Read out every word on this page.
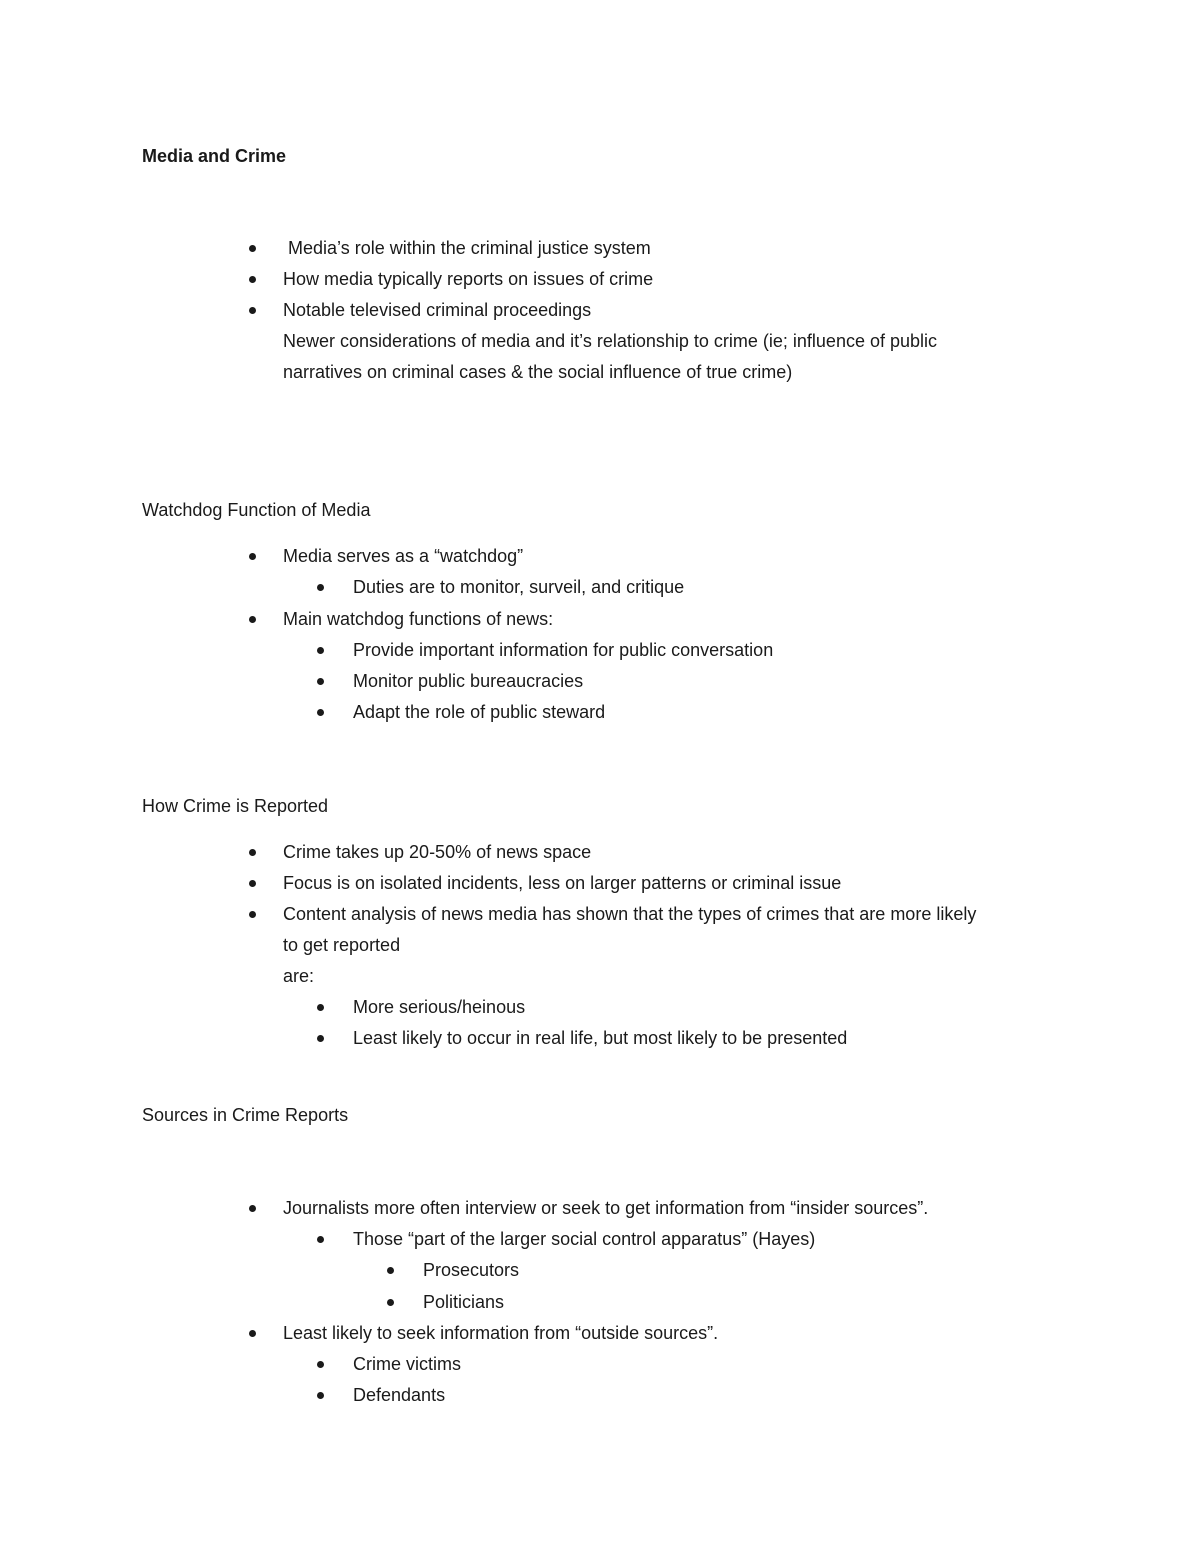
Media and Crime
Media’s role within the criminal justice system
How media typically reports on issues of crime
Notable televised criminal proceedings
Newer considerations of media and it’s relationship to crime (ie; influence of public
narratives on criminal cases & the social influence of true crime)
Watchdog Function of Media
Media serves as a “watchdog”
Duties are to monitor, surveil, and critique
Main watchdog functions of news:
Provide important information for public conversation
Monitor public bureaucracies
Adapt the role of public steward
How Crime is Reported
Crime takes up 20-50% of news space
Focus is on isolated incidents, less on larger patterns or criminal issue
Content analysis of news media has shown that the types of crimes that are more likely
to get reported
are:
More serious/heinous
Least likely to occur in real life, but most likely to be presented
Sources in Crime Reports
Journalists more often interview or seek to get information from “insider sources”.
Those “part of the larger social control apparatus” (Hayes)
Prosecutors
Politicians
Least likely to seek information from “outside sources”.
Crime victims
Defendants
